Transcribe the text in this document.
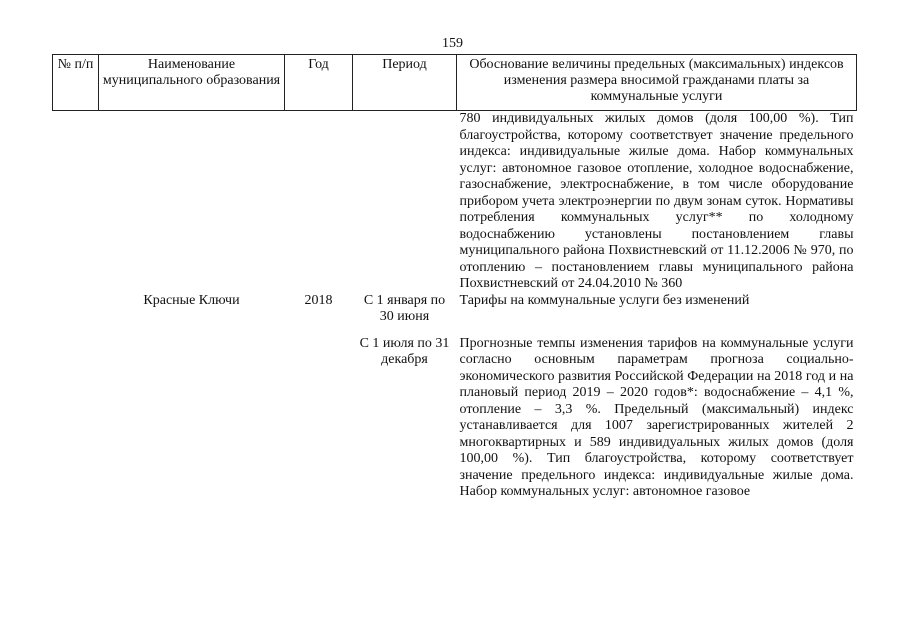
159
№ п/п	Наименование муниципального образования	Год	Период	Обоснование величины предельных (максимальных) индексов изменения размера вносимой гражданами платы за коммунальные услуги
				780 индивидуальных жилых домов (доля 100,00 %). Тип благоустройства, которому соответствует значение предельного индекса: индивидуальные жилые дома. Набор коммунальных услуг: автономное газовое отопление, холодное водоснабжение, газоснабжение, электроснабжение, в том числе оборудование прибором учета электроэнергии по двум зонам суток. Нормативы потребления коммунальных услуг** по холодному водоснабжению установлены постановлением главы муниципального района Похвистневский от 11.12.2006 № 970, по отоплению – постановлением главы муниципального района Похвистневский от 24.04.2010 № 360
	Красные Ключи	2018	С 1 января по 30 июня	Тарифы на коммунальные услуги без изменений

			С 1 июля по 31 декабря	Прогнозные темпы изменения тарифов на коммунальные услуги согласно основным параметрам прогноза социально-экономического развития Российской Федерации на 2018 год и на плановый период 2019 – 2020 годов*: водоснабжение – 4,1 %, отопление – 3,3 %. Предельный (максимальный) индекс устанавливается для 1007 зарегистрированных жителей 2 многоквартирных и 589 индивидуальных жилых домов (доля 100,00 %). Тип благоустройства, которому соответствует значение предельного индекса: индивидуальные жилые дома. Набор коммунальных услуг: автономное газовое
